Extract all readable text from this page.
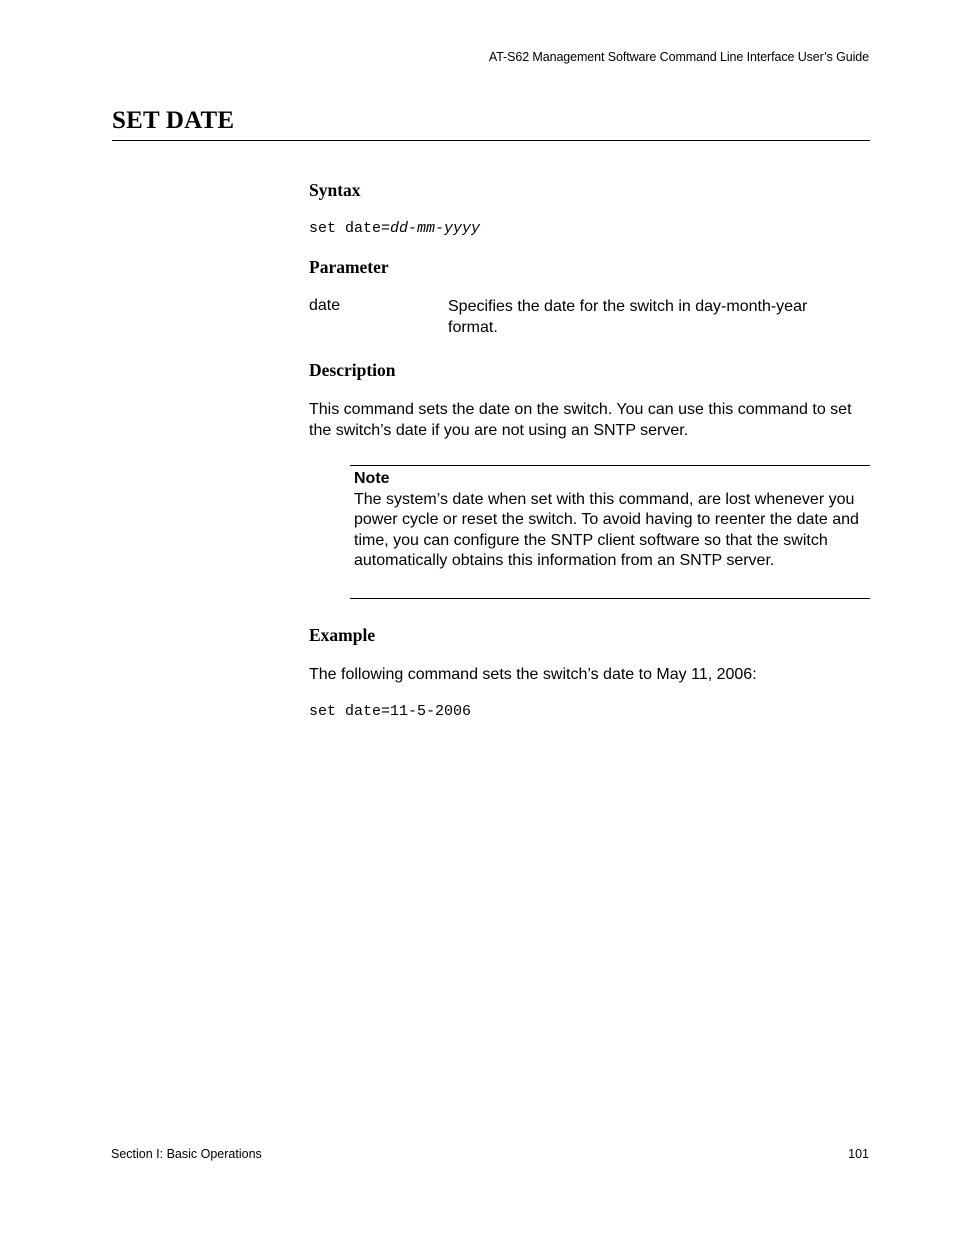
AT-S62 Management Software Command Line Interface User’s Guide
SET DATE
Syntax
set date=dd-mm-yyyy
Parameter
date	Specifies the date for the switch in day-month-year format.
Description

This command sets the date on the switch. You can use this command to set the switch’s date if you are not using an SNTP server.

Note

The system’s date when set with this command, are lost whenever you power cycle or reset the switch. To avoid having to reenter the date and time, you can configure the SNTP client software so that the switch automatically obtains this information from an SNTP server.

Example

The following command sets the switch’s date to May 11, 2006:

set date=11-5-2006
Section I: Basic Operations	101
